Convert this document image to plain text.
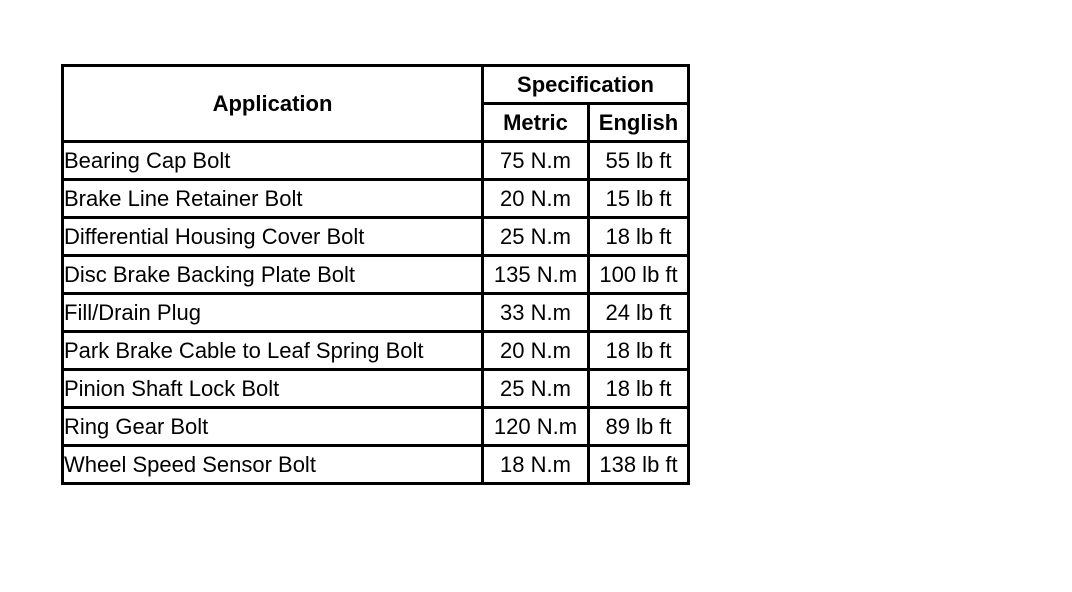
Application	Specification	
	Metric	English
Bearing Cap Bolt	75 N.m	55 lb ft
Brake Line Retainer Bolt	20 N.m	15 lb ft
Differential Housing Cover Bolt	25 N.m	18 lb ft
Disc Brake Backing Plate Bolt	135 N.m	100 lb ft
Fill/Drain Plug	33 N.m	24 lb ft
Park Brake Cable to Leaf Spring Bolt	20 N.m	18 lb ft
Pinion Shaft Lock Bolt	25 N.m	18 lb ft
Ring Gear Bolt	120 N.m	89 lb ft
Wheel Speed Sensor Bolt	18 N.m	138 lb ft
